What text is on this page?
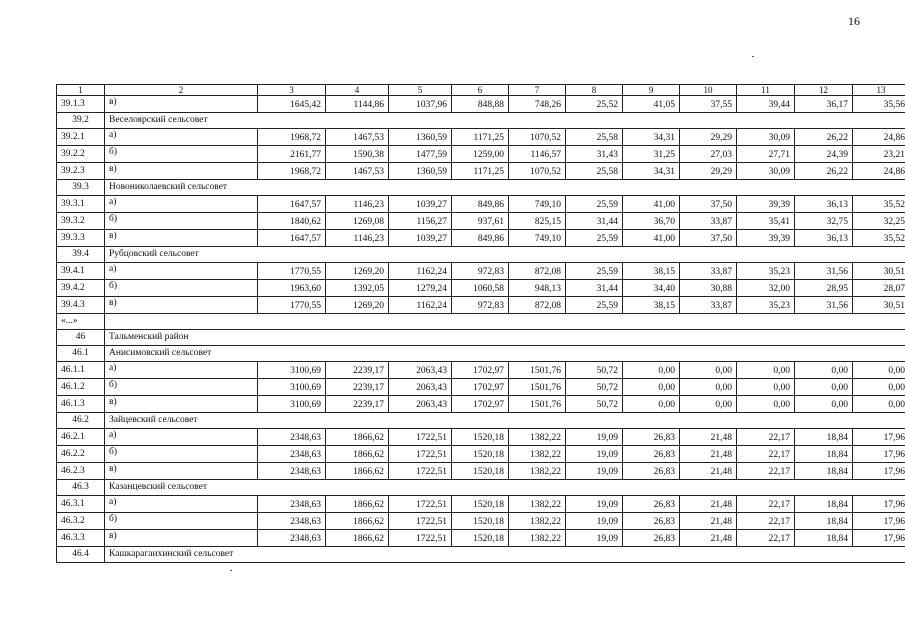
16
1	2	3	4	5	6	7	8	9	10	11	12	13
39.1.3	в)	1645,42	1144,86	1037,96	848,88	748,26	25,52	41,05	37,55	39,44	36,17	35,56
39.2	Веселоярский сельсовет											
39.2.1	а)	1968,72	1467,53	1360,59	1171,25	1070,52	25,58	34,31	29,29	30,09	26,22	24,86
39.2.2	б)	2161,77	1590,38	1477,59	1259,00	1146,57	31,43	31,25	27,03	27,71	24,39	23,21
39.2.3	в)	1968,72	1467,53	1360,59	1171,25	1070,52	25,58	34,31	29,29	30,09	26,22	24,86
39.3	Новониколаевский сельсовет											
39.3.1	а)	1647,57	1146,23	1039,27	849,86	749,10	25,59	41,00	37,50	39,39	36,13	35,52
39.3.2	б)	1840,62	1269,08	1156,27	937,61	825,15	31,44	36,70	33,87	35,41	32,75	32,25
39.3.3	в)	1647,57	1146,23	1039,27	849,86	749,10	25,59	41,00	37,50	39,39	36,13	35,52
39.4	Рубцовский сельсовет											
39.4.1	а)	1770,55	1269,20	1162,24	972,83	872,08	25,59	38,15	33,87	35,23	31,56	30,51
39.4.2	б)	1963,60	1392,05	1279,24	1060,58	948,13	31,44	34,40	30,88	32,00	28,95	28,07
39.4.3	в)	1770,55	1269,20	1162,24	972,83	872,08	25,59	38,15	33,87	35,23	31,56	30,51
«...»												
46	Тальменский район											
46.1	Анисимовский сельсовет											
46.1.1	а)	3100,69	2239,17	2063,43	1702,97	1501,76	50,72	0,00	0,00	0,00	0,00	0,00
46.1.2	б)	3100,69	2239,17	2063,43	1702,97	1501,76	50,72	0,00	0,00	0,00	0,00	0,00
46.1.3	в)	3100,69	2239,17	2063,43	1702,97	1501,76	50,72	0,00	0,00	0,00	0,00	0,00
46.2	Зайцевский сельсовет											
46.2.1	а)	2348,63	1866,62	1722,51	1520,18	1382,22	19,09	26,83	21,48	22,17	18,84	17,96
46.2.2	б)	2348,63	1866,62	1722,51	1520,18	1382,22	19,09	26,83	21,48	22,17	18,84	17,96
46.2.3	в)	2348,63	1866,62	1722,51	1520,18	1382,22	19,09	26,83	21,48	22,17	18,84	17,96
46.3	Казанцевский сельсовет											
46.3.1	а)	2348,63	1866,62	1722,51	1520,18	1382,22	19,09	26,83	21,48	22,17	18,84	17,96
46.3.2	б)	2348,63	1866,62	1722,51	1520,18	1382,22	19,09	26,83	21,48	22,17	18,84	17,96
46.3.3	в)	2348,63	1866,62	1722,51	1520,18	1382,22	19,09	26,83	21,48	22,17	18,84	17,96
46.4	Кашкарагаихинский сельсовет											
